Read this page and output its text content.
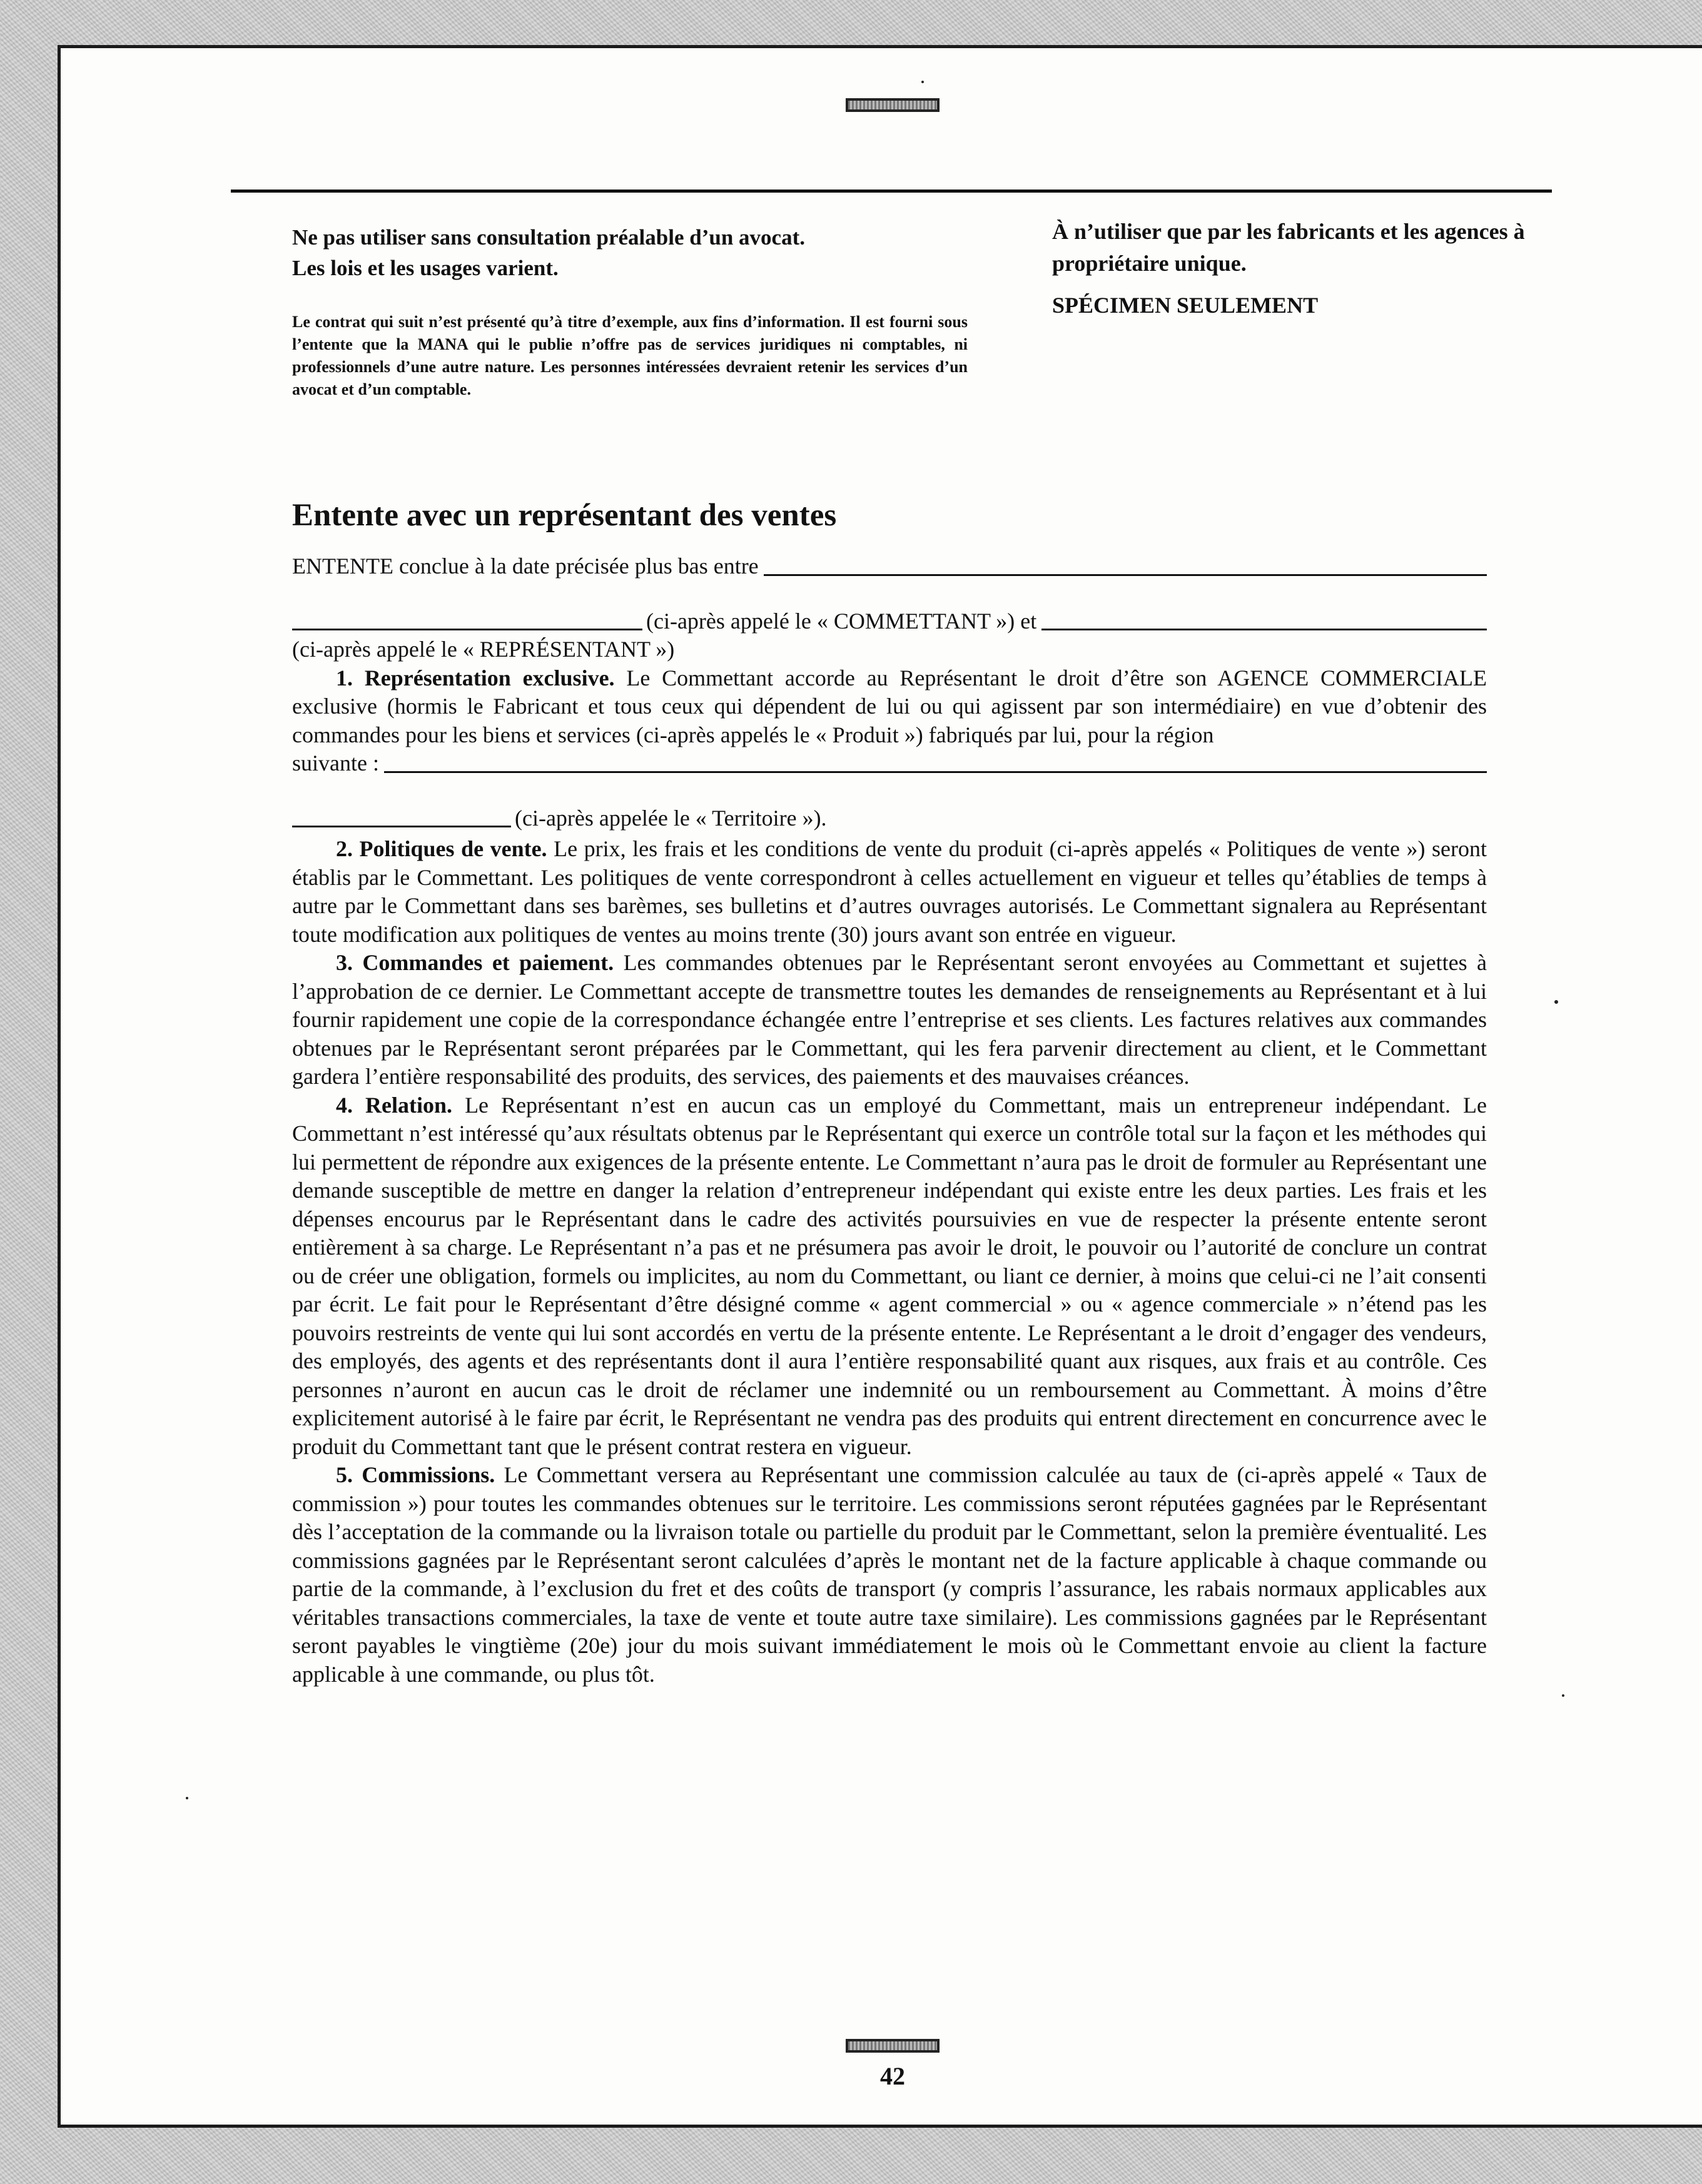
Ne pas utiliser sans consultation préalable d’un avocat.
Les lois et les usages varient.
Le contrat qui suit n’est présenté qu’à titre d’exemple, aux fins d’information. Il est fourni sous l’entente que la MANA qui le publie n’offre pas de services juridiques ni comptables, ni professionnels d’une autre nature. Les personnes intéressées devraient retenir les services d’un avocat et d’un comptable.
À n’utiliser que par les fabricants et les agences à propriétaire unique.
SPÉCIMEN SEULEMENT
Entente avec un représentant des ventes
ENTENTE conclue à la date précisée plus bas entre
(ci-après appelé le « COMMETTANT ») et
(ci-après appelé le « REPRÉSENTANT »)
1. Représentation exclusive. Le Commettant accorde au Représentant le droit d’être son AGENCE COMMERCIALE exclusive (hormis le Fabricant et tous ceux qui dépendent de lui ou qui agissent par son intermédiaire) en vue d’obtenir des commandes pour les biens et services (ci-après appelés le « Produit ») fabriqués par lui, pour la région
suivante :
(ci-après appelée le « Territoire »).
2. Politiques de vente. Le prix, les frais et les conditions de vente du produit (ci-après appelés « Politiques de vente ») seront établis par le Commettant. Les politiques de vente correspondront à celles actuellement en vigueur et telles qu’établies de temps à autre par le Commettant dans ses barèmes, ses bulletins et d’autres ouvrages autorisés. Le Commettant signalera au Représentant toute modification aux politiques de ventes au moins trente (30) jours avant son entrée en vigueur.
3. Commandes et paiement. Les commandes obtenues par le Représentant seront envoyées au Commettant et sujettes à l’approbation de ce dernier. Le Commettant accepte de transmettre toutes les demandes de renseignements au Représentant et à lui fournir rapidement une copie de la correspondance échangée entre l’entreprise et ses clients. Les factures relatives aux commandes obtenues par le Représentant seront préparées par le Commettant, qui les fera parvenir directement au client, et le Commettant gardera l’entière responsabilité des produits, des services, des paiements et des mauvaises créances.
4. Relation. Le Représentant n’est en aucun cas un employé du Commettant, mais un entrepreneur indépendant. Le Commettant n’est intéressé qu’aux résultats obtenus par le Représentant qui exerce un contrôle total sur la façon et les méthodes qui lui permettent de répondre aux exigences de la présente entente. Le Commettant n’aura pas le droit de formuler au Représentant une demande susceptible de mettre en danger la relation d’entrepreneur indépendant qui existe entre les deux parties. Les frais et les dépenses encourus par le Représentant dans le cadre des activités poursuivies en vue de respecter la présente entente seront entièrement à sa charge. Le Représentant n’a pas et ne présumera pas avoir le droit, le pouvoir ou l’autorité de conclure un contrat ou de créer une obligation, formels ou implicites, au nom du Commettant, ou liant ce dernier, à moins que celui-ci ne l’ait consenti par écrit. Le fait pour le Représentant d’être désigné comme « agent commercial » ou « agence commerciale » n’étend pas les pouvoirs restreints de vente qui lui sont accordés en vertu de la présente entente. Le Représentant a le droit d’engager des vendeurs, des employés, des agents et des représentants dont il aura l’entière responsabilité quant aux risques, aux frais et au contrôle. Ces personnes n’auront en aucun cas le droit de réclamer une indemnité ou un remboursement au Commettant. À moins d’être explicitement autorisé à le faire par écrit, le Représentant ne vendra pas des produits qui entrent directement en concurrence avec le produit du Commettant tant que le présent contrat restera en vigueur.
5. Commissions. Le Commettant versera au Représentant une commission calculée au taux de (ci-après appelé « Taux de commission ») pour toutes les commandes obtenues sur le territoire. Les commissions seront réputées gagnées par le Représentant dès l’acceptation de la commande ou la livraison totale ou partielle du produit par le Commettant, selon la première éventualité. Les commissions gagnées par le Représentant seront calculées d’après le montant net de la facture applicable à chaque commande ou partie de la commande, à l’exclusion du fret et des coûts de transport (y compris l’assurance, les rabais normaux applicables aux véritables transactions commerciales, la taxe de vente et toute autre taxe similaire). Les commissions gagnées par le Représentant seront payables le vingtième (20e) jour du mois suivant immédiatement le mois où le Commettant envoie au client la facture applicable à une commande, ou plus tôt.
42
